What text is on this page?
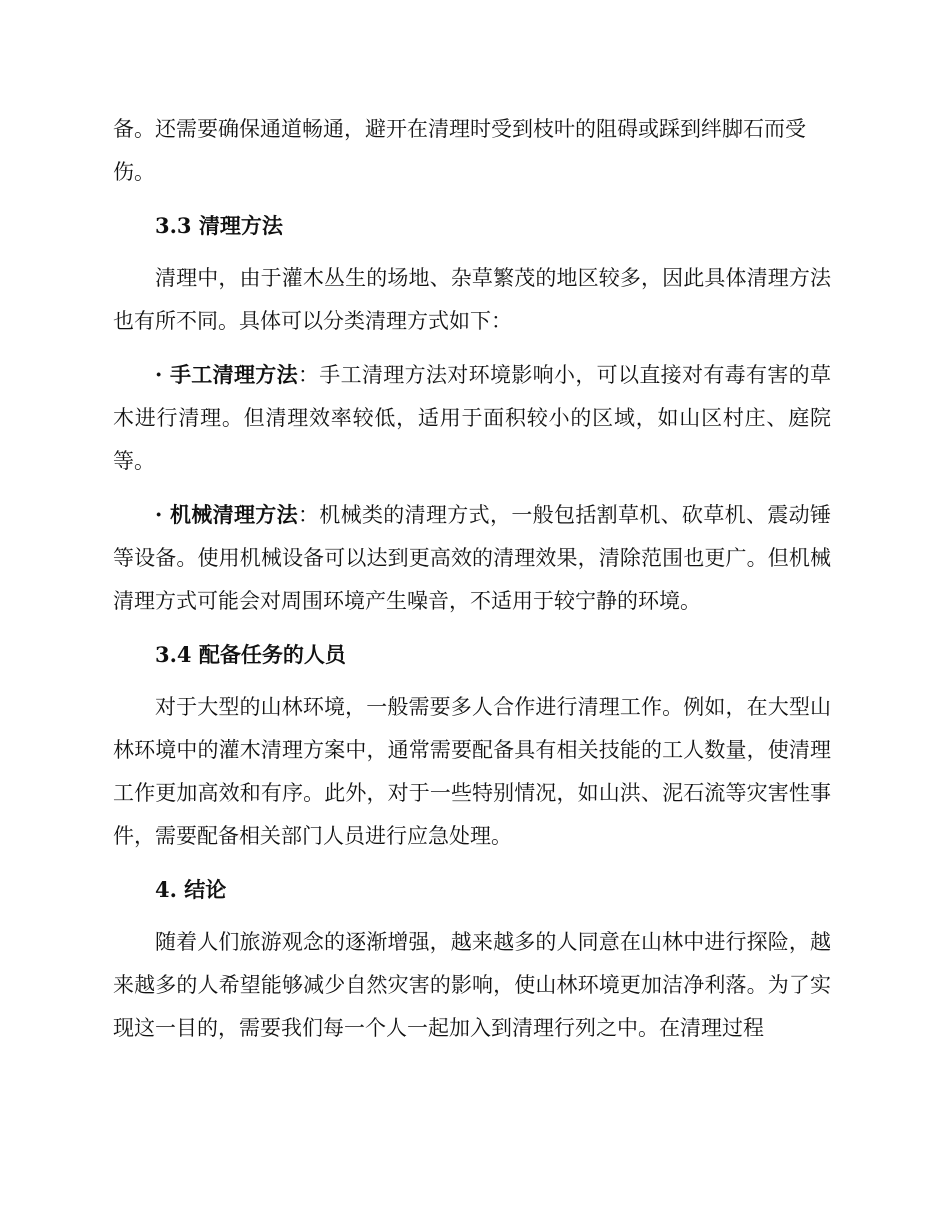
备。还需要确保通道畅通，避开在清理时受到枝叶的阻碍或踩到绊脚石而受
伤。

3.3 清理方法

清理中，由于灌木丛生的场地、杂草繁茂的地区较多，因此具体清理方法也有所不同。具体可以分类清理方式如下：

· 手工清理方法：手工清理方法对环境影响小，可以直接对有毒有害的草木进行清理。但清理效率较低，适用于面积较小的区域，如山区村庄、庭院等。

· 机械清理方法：机械类的清理方式，一般包括割草机、砍草机、震动锤等设备。使用机械设备可以达到更高效的清理效果，清除范围也更广。但机械清理方式可能会对周围环境产生噪音，不适用于较宁静的环境。

3.4 配备任务的人员

对于大型的山林环境，一般需要多人合作进行清理工作。例如，在大型山林环境中的灌木清理方案中，通常需要配备具有相关技能的工人数量，使清理工作更加高效和有序。此外，对于一些特别情况，如山洪、泥石流等灾害性事件，需要配备相关部门人员进行应急处理。

4. 结论

随着人们旅游观念的逐渐增强，越来越多的人同意在山林中进行探险，越来越多的人希望能够减少自然灾害的影响，使山林环境更加洁净利落。为了实现这一目的，需要我们每一个人一起加入到清理行列之中。在清理过程
